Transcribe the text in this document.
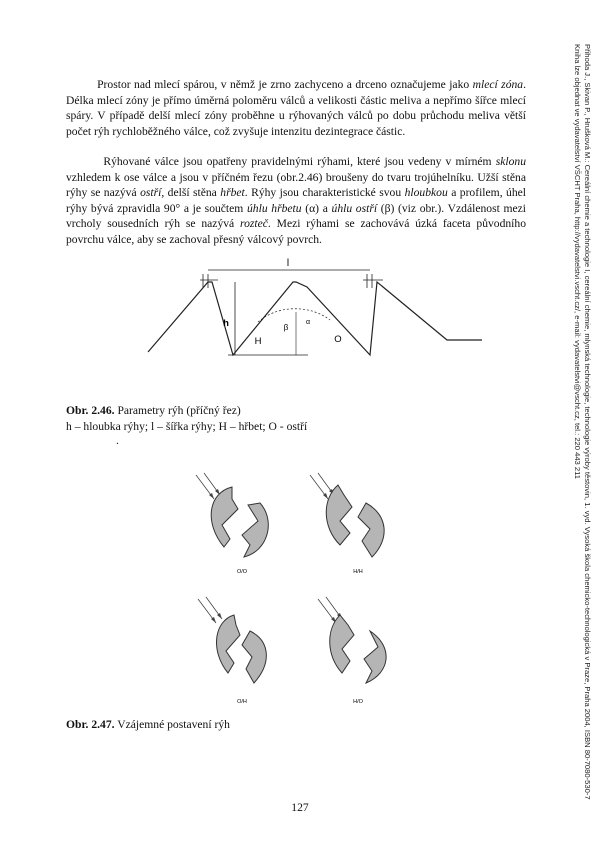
Prostor nad mlecí spárou, v němž je zrno zachyceno a drceno označujeme jako mlecí zóna. Délka mlecí zóny je přímo úměrná poloměru válců a velikosti částic meliva a nepřímo šířce mlecí spáry. V případě delší mlecí zóny proběhne u rýhovaných válců po dobu průchodu meliva větší počet rýh rychloběžného válce, což zvyšuje intenzitu dezintegrace částic.

Rýhované válce jsou opatřeny pravidelnými rýhami, které jsou vedeny v mírném sklonu vzhledem k ose válce a jsou v příčném řezu (obr.2.46) broušeny do tvaru trojúhelníku. Užší stěna rýhy se nazývá ostří, delší stěna hřbet. Rýhy jsou charakteristické svou hloubkou a profilem, úhel rýhy bývá zpravidla 90° a je součtem úhlu hřbetu (α) a úhlu ostří (β) (viz obr.). Vzdálenost mezi vrcholy sousedních rýh se nazývá rozteč. Mezi rýhami se zachovává úzká faceta původního povrchu válce, aby se zachoval přesný válcový povrch.

l
h
H	O
β
α

Obr. 2.46. Parametry rýh (příčný řez)

h – hloubka rýhy; l – šířka rýhy; H – hřbet; O - ostří

.

O/O	H/H
O/H	H/O

Obr. 2.47. Vzájemné postavení rýh

127
Přihoda J., Skivan P., Hrušková M.: Cereální chemie a technologie I, cereální chemie, mlynská technologie, technologie výroby těstovin, 1. vyd. Vysoká škola chemicko-technologická v Praze, Praha 2004, ISBN 80-7080-530-7
Kniha lze objednat ve vydavatelství VŠCHT Praha, http://vydavatelstvi.vscht.cz/, e-mail: vydavatelstvi@vscht.cz, tel.: 220 443 211
